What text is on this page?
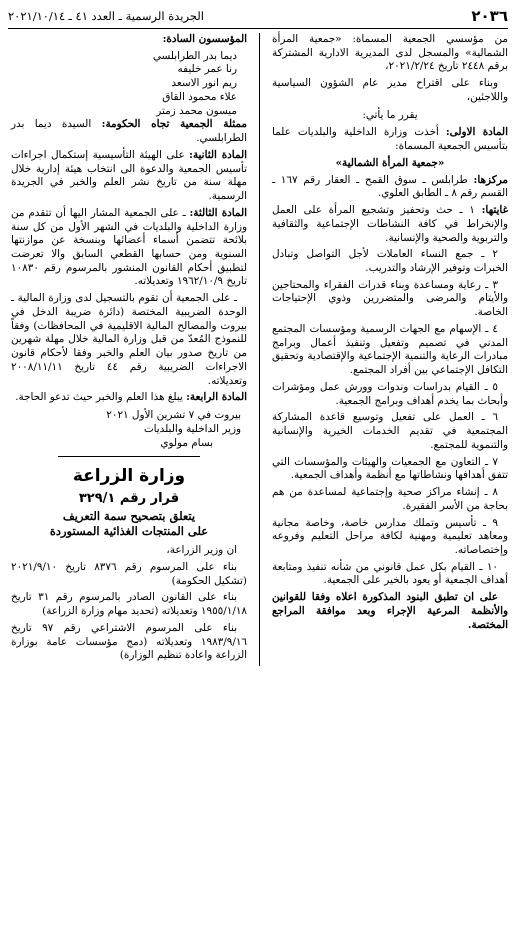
٢٠٣٦
الجريدة الرسمية ـ العدد ٤١ ـ ٢٠٢١/١٠/١٤

من مؤسسي الجمعية المسماة: «جمعية المرأة الشمالية» والمسجل لدى المديرية الادارية المشتركة برقم ٢٤٤٨ تاريخ ٢٠٢١/٢/٢٤،

وبناء على اقتراح مدير عام الشؤون السياسية واللاجئين،

يقرر ما يأتي:

المادة الاولى: أخذت وزارة الداخلية والبلديات علما بتأسيس الجمعية المسماة:

«جمعية المرأة الشمالية»

مركزها: طرابلس ـ سوق القمح ـ العقار رقم ١٦٧ ـ القسم رقم ٨ ـ الطابق العلوي.

غايتها: ١ ـ حث وتحفيز وتشجيع المرأة على العمل والإنخراط في كافة النشاطات الإجتماعية والثقافية والتربوية والصحية والإنسانية.

٢ ـ جمع النساء العاملات لأجل التواصل وتبادل الخبرات وتوفير الإرشاد والتدريب.

٣ ـ رعاية ومساعدة وبناء قدرات الفقراء والمحتاجين والأيتام والمرضى والمتضررين وذوي الإحتياجات الخاصة.

٤ ـ الإسهام مع الجهات الرسمية ومؤسسات المجتمع المدني في تصميم وتفعيل وتنفيذ أعمال وبرامج مبادرات الرعاية والتنمية الإجتماعية والإقتصادية وتحقيق التكافل الإجتماعي بين أفراد المجتمع.

٥ ـ القيام بدراسات وندوات وورش عمل ومؤشرات وأبحاث بما يخدم أهداف وبرامج الجمعية.

٦ ـ العمل على تفعيل وتوسيع قاعدة المشاركة المجتمعية في تقديم الخدمات الخيرية والإنسانية والتنموية للمجتمع.

٧ ـ التعاون مع الجمعيات والهيئات والمؤسسات التي تتفق أهدافها ونشاطاتها مع أنظمة وأهداف الجمعية.

٨ ـ إنشاء مراكز صحية وإجتماعية لمساعدة من هم بحاجة من الأسر الفقيرة.

٩ ـ تأسيس وتملك مدارس خاصة، وخاصة مجانية ومعاهد تعليمية ومهنية لكافة مراحل التعليم وفروعه وإختصاصاته.

١٠ ـ القيام بكل عمل قانوني من شأنه تنفيذ ومتابعة أهداف الجمعية أو يعود بالخير على الجمعية.

على ان تطبق البنود المذكورة اعلاه وفقا للقوانين والأنظمة المرعية الإجراء وبعد موافقة المراجع المختصة.

المؤسسون السادة:

ديما بدر الطرابلسي
رنا عمر خليفه
ريم انور الاسعد
علاء محمود القاق
ميسون محمد زمتر

ممثلة الجمعية تجاه الحكومة: السيدة ديما بدر الطرابلسي.

المادة الثانية: على الهيئة التأسيسية إستكمال اجراءات تأسيس الجمعية والدعوة الى انتخاب هيئة إدارية خلال مهلة سنة من تاريخ نشر العلم والخبر في الجريدة الرسمية.

المادة الثالثة: ـ على الجمعية المشار اليها أن تتقدم من وزارة الداخلية والبلديات في الشهر الأول من كل سنة بلائحة تتضمن أسماء أعضائها وبنسخة عن موازنتها السنوية ومن حسابها القطعي السابق والا تعرضت لتطبيق أحكام القانون المنشور بالمرسوم رقم ١٠٨٣٠ تاريخ ١٩٦٢/١٠/٩ وتعديلاته.

ـ على الجمعية أن تقوم بالتسجيل لدى وزارة المالية ـ الوحدة الضريبية المختصة (دائرة ضريبة الدخل في بيروت والمصالح المالية الاقليمية في المحافظات) وفقاً للنموذج المُعدّ من قبل وزارة المالية خلال مهلة شهرين من تاريخ صدور بيان العلم والخبر وفقا لأحكام قانون الاجراءات الضريبية رقم ٤٤ تاريخ ٢٠٠٨/١١/١١ وتعديلاته.

المادة الرابعة: يبلغ هذا العلم والخبر حيث تدعو الحاجة.

بيروت في ٧ تشرين الأول ٢٠٢١
وزير الداخلية والبلديات
بسام مولوي
وزارة الزراعة
قرار رقم ٣٢٩/١

يتعلق بتصحيح سمة التعريف

على المنتجات الغذائية المستوردة

ان وزير الزراعة،

بناء على المرسوم رقم ٨٣٧٦ تاريخ ٢٠٢١/٩/١٠ (تشكيل الحكومة)

بناء على القانون الصادر بالمرسوم رقم ٣١ تاريخ ١٩٥٥/١/١٨ وتعديلاته (تحديد مهام وزارة الزراعة)

بناء على المرسوم الاشتراعي رقم ٩٧ تاريخ ١٩٨٣/٩/١٦ وتعديلاته (دمج مؤسسات عامة بوزارة الزراعة واعادة تنظيم الوزارة)
